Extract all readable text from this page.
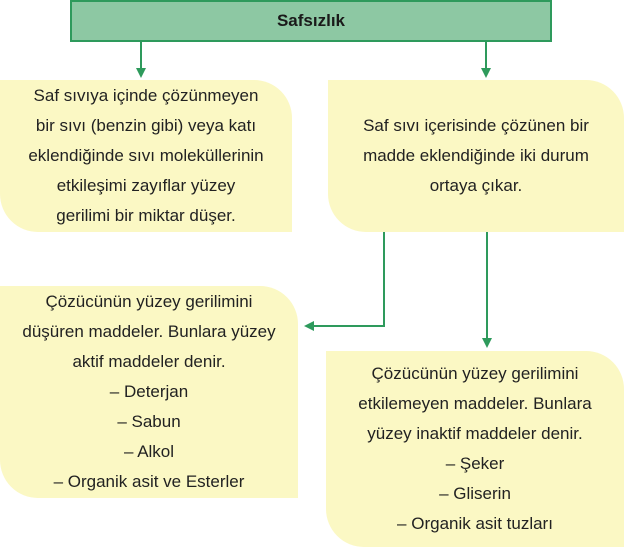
Safsızlık
Saf sıvıya içinde çözünmeyen
bir sıvı (benzin gibi) veya katı
eklendiğinde sıvı moleküllerinin
etkileşimi zayıflar yüzey
gerilimi bir miktar düşer.
Saf sıvı içerisinde çözünen bir
madde eklendiğinde iki durum
ortaya çıkar.
Çözücünün yüzey gerilimini
düşüren maddeler. Bunlara yüzey
aktif maddeler denir.
– Deterjan
– Sabun
– Alkol
– Organik asit ve Esterler
Çözücünün yüzey gerilimini
etkilemeyen maddeler. Bunlara
yüzey inaktif maddeler denir.
– Şeker
– Gliserin
– Organik asit tuzları
